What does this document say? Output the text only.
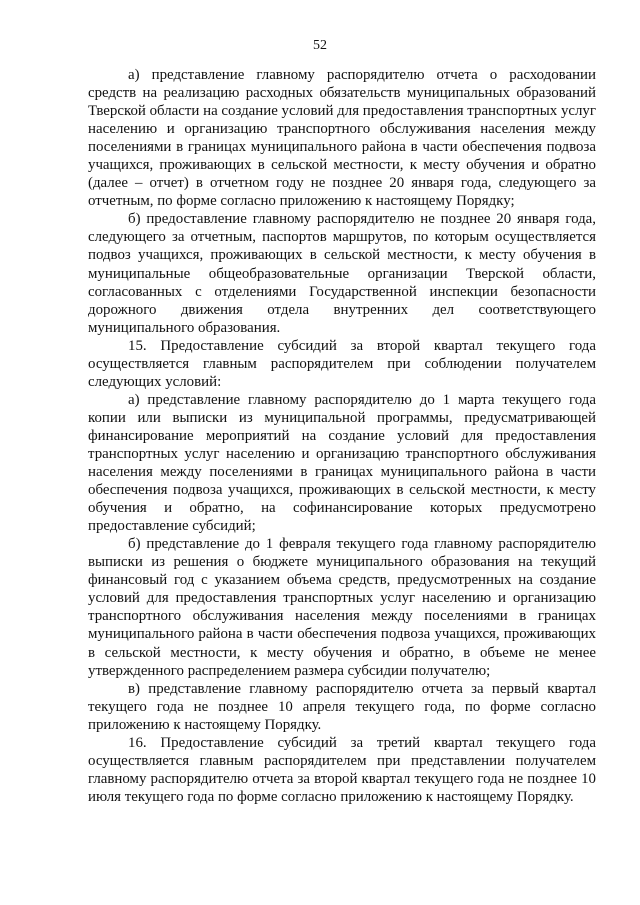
52

а) представление главному распорядителю отчета о расходовании средств на реализацию расходных обязательств муниципальных образований Тверской области на создание условий для предоставления транспортных услуг населению и организацию транспортного обслуживания населения между поселениями в границах муниципального района в части обеспечения подвоза учащихся, проживающих в сельской местности, к месту обучения и обратно (далее – отчет) в отчетном году не позднее 20 января года, следующего за отчетным, по форме согласно приложению к настоящему Порядку;

б) предоставление главному распорядителю не позднее 20 января года, следующего за отчетным, паспортов маршрутов, по которым осуществляется подвоз учащихся, проживающих в сельской местности, к месту обучения в муниципальные общеобразовательные организации Тверской области, согласованных с отделениями Государственной инспекции безопасности дорожного движения отдела внутренних дел соответствующего муниципального образования.

15. Предоставление субсидий за второй квартал текущего года осуществляется главным распорядителем при соблюдении получателем следующих условий:

а) представление главному распорядителю до 1 марта текущего года копии или выписки из муниципальной программы, предусматривающей финансирование мероприятий на создание условий для предоставления транспортных услуг населению и организацию транспортного обслуживания населения между поселениями в границах муниципального района в части обеспечения подвоза учащихся, проживающих в сельской местности, к месту обучения и обратно, на софинансирование которых предусмотрено предоставление субсидий;

б) представление до 1 февраля текущего года главному распорядителю выписки из решения о бюджете муниципального образования на текущий финансовый год с указанием объема средств, предусмотренных на создание условий для предоставления транспортных услуг населению и организацию транспортного обслуживания населения между поселениями в границах муниципального района в части обеспечения подвоза учащихся, проживающих в сельской местности, к месту обучения и обратно, в объеме не менее утвержденного распределением размера субсидии получателю;

в) представление главному распорядителю отчета за первый квартал текущего года не позднее 10 апреля текущего года, по форме согласно приложению к настоящему Порядку.

16. Предоставление субсидий за третий квартал текущего года осуществляется главным распорядителем при представлении получателем главному распорядителю отчета за второй квартал текущего года не позднее 10 июля текущего года по форме согласно приложению к настоящему Порядку.
